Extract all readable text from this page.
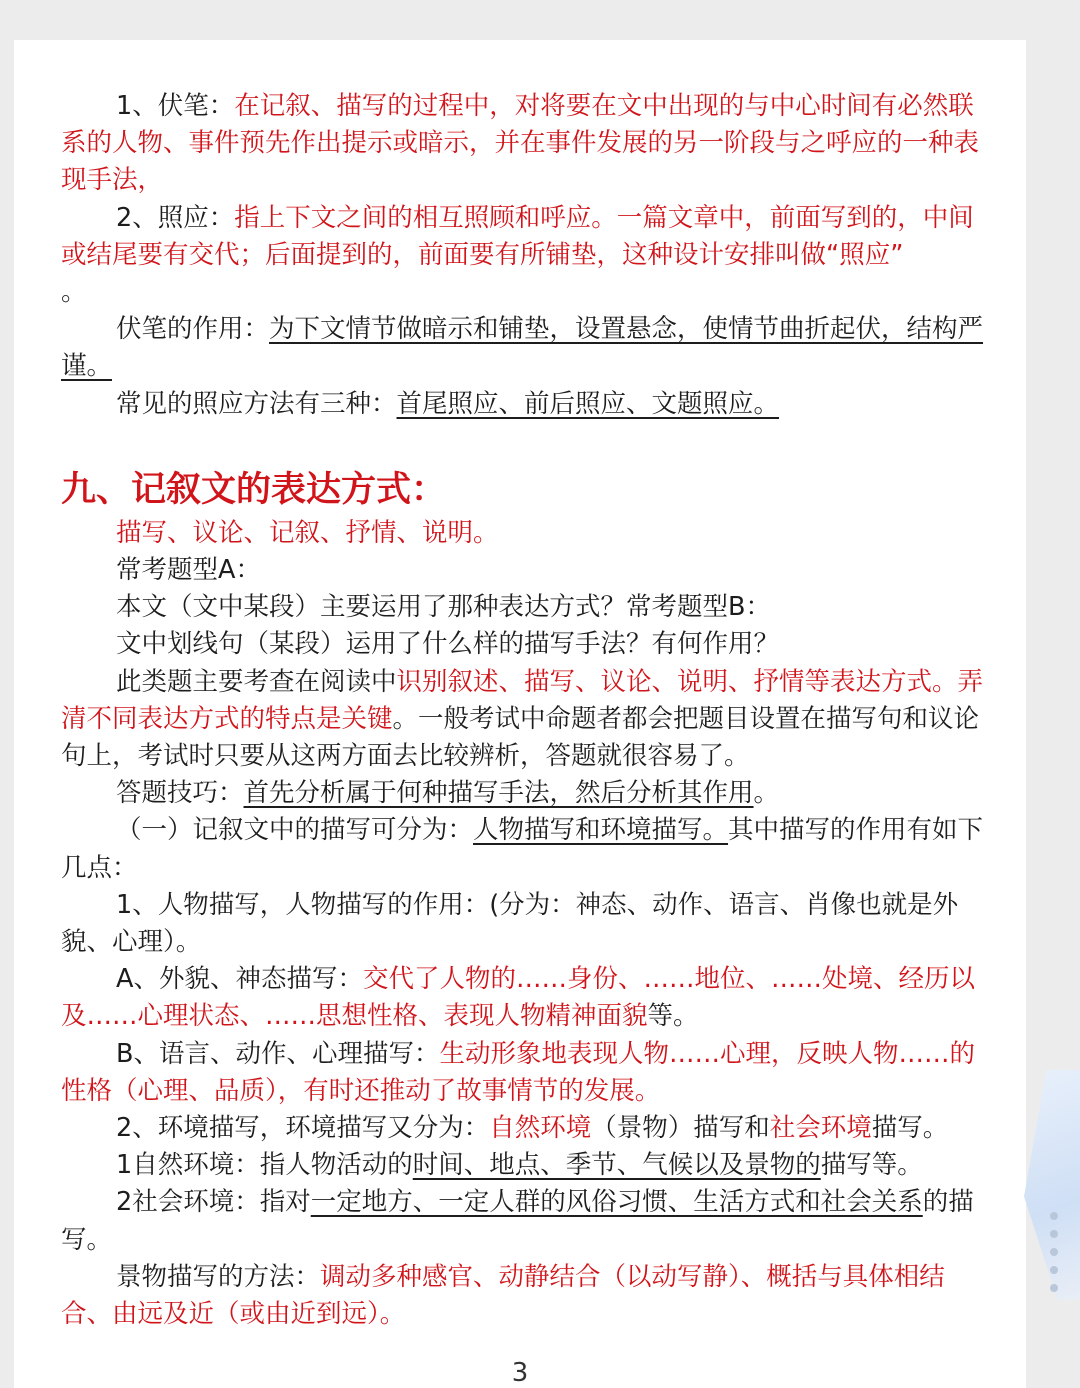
1、伏笔：在记叙、描写的过程中，对将要在文中出现的与中心时间有必然联系的人物、事件预先作出提示或暗示，并在事件发展的另一阶段与之呼应的一种表现手法，

2、照应：指上下文之间的相互照顾和呼应。一篇文章中，前面写到的，中间或结尾要有交代；后面提到的，前面要有所铺垫，这种设计安排叫做“照应”

。

伏笔的作用：为下文情节做暗示和铺垫，设置悬念，使情节曲折起伏，结构严谨。

常见的照应方法有三种：首尾照应、前后照应、文题照应。

九、记叙文的表达方式：

描写、议论、记叙、抒情、说明。

常考题型A：

本文（文中某段）主要运用了那种表达方式？常考题型B：

文中划线句（某段）运用了什么样的描写手法？有何作用？

此类题主要考查在阅读中识别叙述、描写、议论、说明、抒情等表达方式。弄清不同表达方式的特点是关键。一般考试中命题者都会把题目设置在描写句和议论句上，考试时只要从这两方面去比较辨析，答题就很容易了。

答题技巧：首先分析属于何种描写手法，然后分析其作用。

（一）记叙文中的描写可分为：人物描写和环境描写。其中描写的作用有如下几点：

1、人物描写，人物描写的作用：(分为：神态、动作、语言、肖像也就是外貌、心理）。

A、外貌、神态描写：交代了人物的……身份、……地位、……处境、经历以及……心理状态、……思想性格、表现人物精神面貌等。

B、语言、动作、心理描写：生动形象地表现人物……心理，反映人物……的性格（心理、品质），有时还推动了故事情节的发展。

2、环境描写，环境描写又分为：自然环境（景物）描写和社会环境描写。

1自然环境：指人物活动的时间、地点、季节、气候以及景物的描写等。

2社会环境：指对一定地方、一定人群的风俗习惯、生活方式和社会关系的描写。

景物描写的方法：调动多种感官、动静结合（以动写静）、概括与具体相结合、由远及近（或由近到远）。

3
